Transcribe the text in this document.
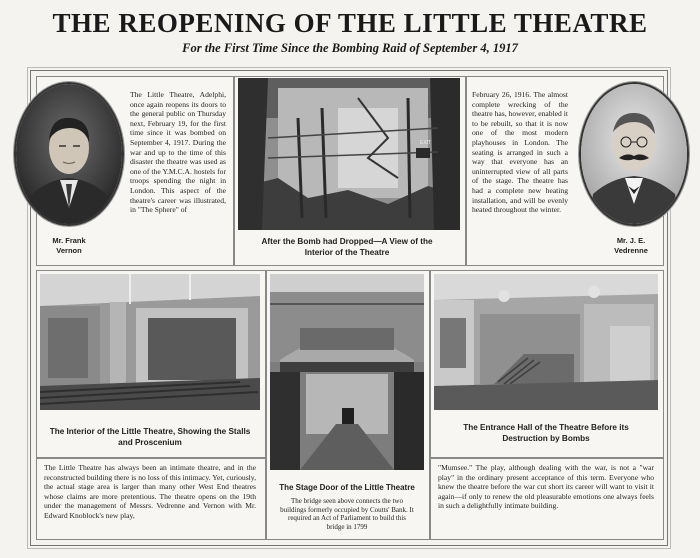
THE REOPENING OF THE LITTLE THEATRE
For the First Time Since the Bombing Raid of September 4, 1917
Mr. Frank Vernon
The Little Theatre, Adelphi, once again reopens its doors to the general public on Thursday next, February 19, for the first time since it was bombed on September 4, 1917. During the war and up to the time of this disaster the theatre was used as one of the Y.M.C.A. hostels for troops spending the night in London. This aspect of the theatre's career was illustrated, in "The Sphere" of
EXIT
After the Bomb had Dropped—A View of the Interior of the Theatre
February 26, 1916. The almost complete wrecking of the theatre has, however, enabled it to be rebuilt, so that it is now one of the most modern playhouses in London. The seating is arranged in such a way that everyone has an uninterrupted view of all parts of the stage. The theatre has had a complete new heating installation, and will be evenly heated throughout the winter.
Mr. J. E. Vedrenne
The Interior of the Little Theatre, Showing the Stalls and Proscenium
The Stage Door of the Little Theatre
The bridge seen above connects the two buildings formerly occupied by Coutts' Bank. It required an Act of Parliament to build this bridge in 1799
The Entrance Hall of the Theatre Before its Destruction by Bombs
The Little Theatre has always been an intimate theatre, and in the reconstructed building there is no loss of this intimacy. Yet, curiously, the actual stage area is larger than many other West End theatres whose claims are more pretentious. The theatre opens on the 19th under the management of Messrs. Vedrenne and Vernon with Mr. Edward Knoblock's new play,
"Mumsee." The play, although dealing with the war, is not a "war play" in the ordinary present acceptance of this term. Everyone who knew the theatre before the war cut short its career will want to visit it again—if only to renew the old pleasurable emotions one always feels in such a delightfully intimate building.
